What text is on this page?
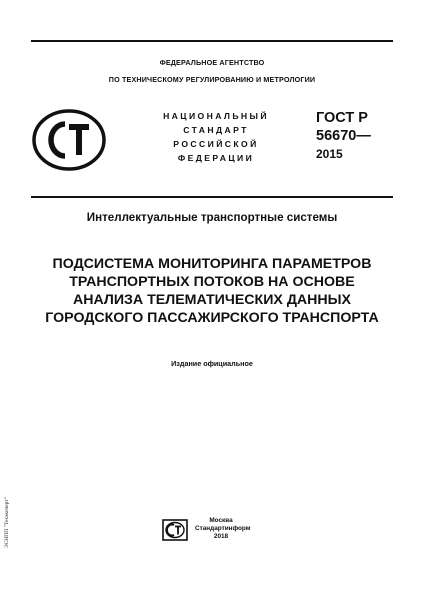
ФЕДЕРАЛЬНОЕ АГЕНТСТВО
ПО ТЕХНИЧЕСКОМУ РЕГУЛИРОВАНИЮ И МЕТРОЛОГИИ
НАЦИОНАЛЬНЫЙ
СТАНДАРТ
РОССИЙСКОЙ
ФЕДЕРАЦИИ
ГОСТ Р
56670—
2015
Интеллектуальные транспортные системы
ПОДСИСТЕМА МОНИТОРИНГА ПАРАМЕТРОВ
ТРАНСПОРТНЫХ ПОТОКОВ НА ОСНОВЕ
АНАЛИЗА ТЕЛЕМАТИЧЕСКИХ ДАННЫХ
ГОРОДСКОГО ПАССАЖИРСКОГО ТРАНСПОРТА
Издание официальное
Москва
Стандартинформ
2018
ЭСНПП "Техэксперт"
